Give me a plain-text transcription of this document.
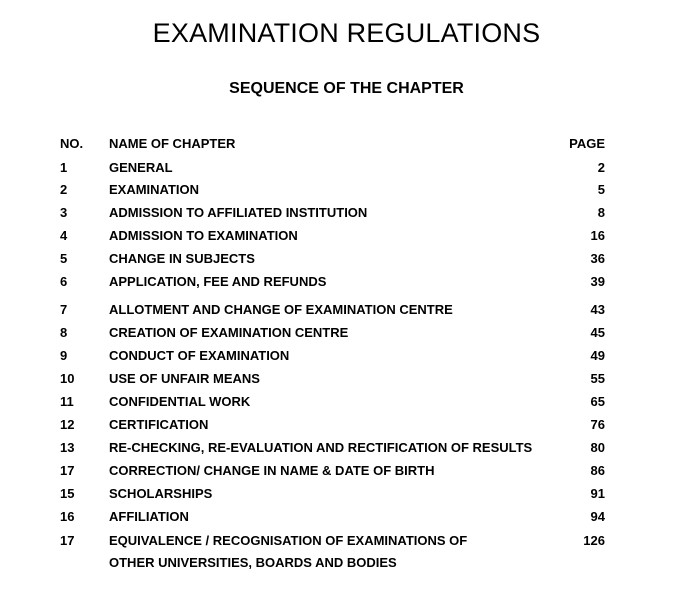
EXAMINATION REGULATIONS
SEQUENCE OF THE CHAPTER
NO. NAME OF CHAPTER	PAGE
1	GENERAL	2
2	EXAMINATION	5
3	ADMISSION TO AFFILIATED INSTITUTION	8
4	ADMISSION TO EXAMINATION	16
5	CHANGE IN SUBJECTS	36
6	APPLICATION, FEE AND REFUNDS	39
7	ALLOTMENT AND CHANGE OF EXAMINATION CENTRE	43
8	CREATION OF EXAMINATION CENTRE	45
9	CONDUCT OF EXAMINATION	49
10	USE OF UNFAIR MEANS	55
11	CONFIDENTIAL WORK	65
12	CERTIFICATION	76
13	RE-CHECKING, RE-EVALUATION AND RECTIFICATION OF RESULTS	80
17	CORRECTION/ CHANGE IN NAME & DATE OF BIRTH	86
15	SCHOLARSHIPS	91
16	AFFILIATION	94
17	EQUIVALENCE / RECOGNISATION OF EXAMINATIONS OF	126
OTHER UNIVERSITIES, BOARDS AND BODIES
